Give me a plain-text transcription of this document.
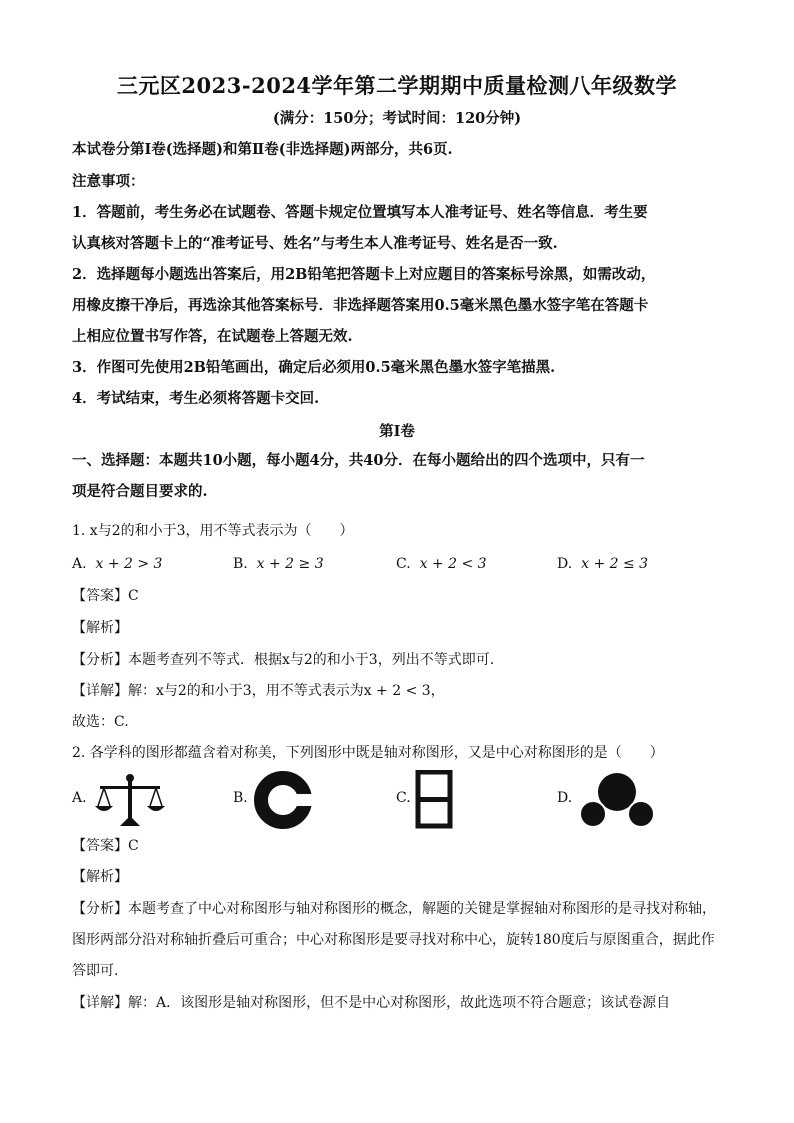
三元区2023-2024学年第二学期期中质量检测八年级数学
(满分：150分；考试时间：120分钟)
本试卷分第Ⅰ卷(选择题)和第Ⅱ卷(非选择题)两部分，共6页.
注意事项：
1．答题前，考生务必在试题卷、答题卡规定位置填写本人准考证号、姓名等信息．考生要
认真核对答题卡上的“准考证号、姓名”与考生本人准考证号、姓名是否一致.
2．选择题每小题选出答案后，用2B铅笔把答题卡上对应题目的答案标号涂黑，如需改动，
用橡皮擦干净后，再选涂其他答案标号．非选择题答案用0.5毫米黑色墨水签字笔在答题卡
上相应位置书写作答，在试题卷上答题无效.
3．作图可先使用2B铅笔画出，确定后必须用0.5毫米黑色墨水签字笔描黑.
4．考试结束，考生必须将答题卡交回.
第Ⅰ卷
一、选择题：本题共10小题，每小题4分，共40分．在每小题给出的四个选项中，只有一
项是符合题目要求的.
1. x与2的和小于3，用不等式表示为（　　）
A. x + 2 > 3	B. x + 2 ≥ 3	C. x + 2 < 3	D. x + 2 ≤ 3
【答案】C
【解析】
【分析】本题考查列不等式．根据x与2的和小于3，列出不等式即可.
【详解】解：x与2的和小于3，用不等式表示为x + 2 < 3，
故选：C.
2. 各学科的图形都蕴含着对称美，下列图形中既是轴对称图形，又是中心对称图形的是（　　）
A.	B.	C.	D.
【答案】C
【解析】
【分析】本题考查了中心对称图形与轴对称图形的概念，解题的关键是掌握轴对称图形的是寻找对称轴，
图形两部分沿对称轴折叠后可重合；中心对称图形是要寻找对称中心，旋转180度后与原图重合，据此作
答即可.
【详解】解：A．该图形是轴对称图形，但不是中心对称图形，故此选项不符合题意；该试卷源自
